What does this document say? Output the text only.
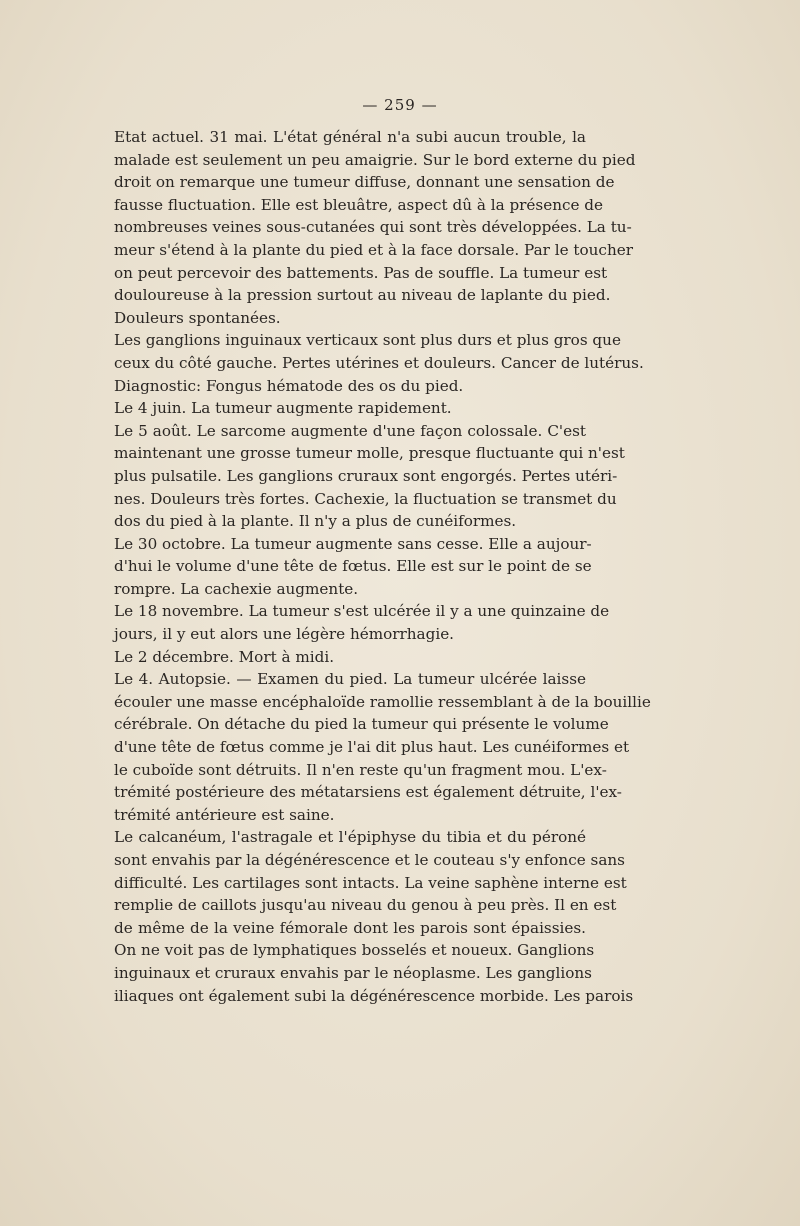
— 259 —
Etat actuel. 31 mai. L'état général n'a subi aucun trouble, la
malade est seulement un peu amaigrie. Sur le bord externe du pied
droit on remarque une tumeur diffuse, donnant une sensation de
fausse fluctuation. Elle est bleuâtre, aspect dû à la présence de
nombreuses veines sous-cutanées qui sont très développées. La tu-
meur s'étend à la plante du pied et à la face dorsale. Par le toucher
on peut percevoir des battements. Pas de souffle. La tumeur est
douloureuse à la pression surtout au niveau de laplante du pied.
Douleurs spontanées.
Les ganglions inguinaux verticaux sont plus durs et plus gros que
ceux du côté gauche. Pertes utérines et douleurs. Cancer de lutérus.
Diagnostic: Fongus hématode des os du pied.
Le 4 juin. La tumeur augmente rapidement.
Le 5 août. Le sarcome augmente d'une façon colossale. C'est
maintenant une grosse tumeur molle, presque fluctuante qui n'est
plus pulsatile. Les ganglions cruraux sont engorgés. Pertes utéri-
nes. Douleurs très fortes. Cachexie, la fluctuation se transmet du
dos du pied à la plante. Il n'y a plus de cunéiformes.
Le 30 octobre. La tumeur augmente sans cesse. Elle a aujour-
d'hui le volume d'une tête de fœtus. Elle est sur le point de se
rompre. La cachexie augmente.
Le 18 novembre. La tumeur s'est ulcérée il y a une quinzaine de
jours, il y eut alors une légère hémorrhagie.
Le 2 décembre. Mort à midi.
Le 4. Autopsie. — Examen du pied. La tumeur ulcérée laisse
écouler une masse encéphaloïde ramollie ressemblant à de la bouillie
cérébrale. On détache du pied la tumeur qui présente le volume
d'une tête de fœtus comme je l'ai dit plus haut. Les cunéiformes et
le cuboïde sont détruits. Il n'en reste qu'un fragment mou. L'ex-
trémité postérieure des métatarsiens est également détruite, l'ex-
trémité antérieure est saine.
Le calcanéum, l'astragale et l'épiphyse du tibia et du péroné
sont envahis par la dégénérescence et le couteau s'y enfonce sans
difficulté. Les cartilages sont intacts. La veine saphène interne est
remplie de caillots jusqu'au niveau du genou à peu près. Il en est
de même de la veine fémorale dont les parois sont épaissies.
On ne voit pas de lymphatiques bosselés et noueux. Ganglions
inguinaux et cruraux envahis par le néoplasme. Les ganglions
iliaques ont également subi la dégénérescence morbide. Les parois
